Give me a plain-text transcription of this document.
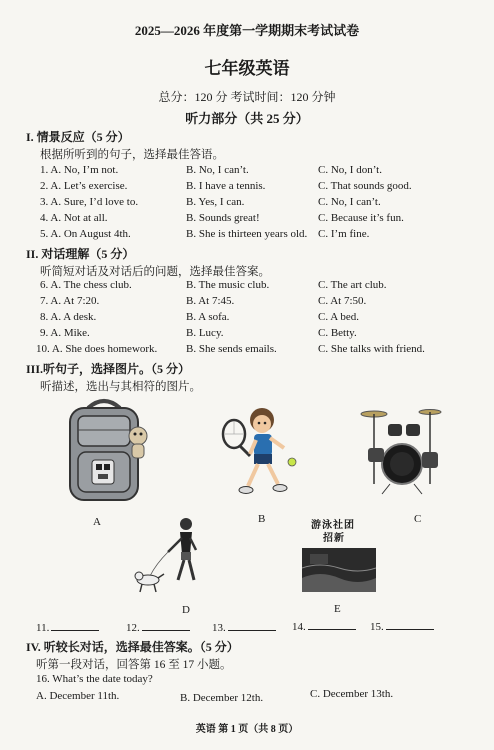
2025—2026 年度第一学期期末考试试卷
七年级英语
总分：120 分 考试时间：120 分钟
听力部分（共 25 分）
I. 情景反应（5 分）
根据所听到的句子，选择最佳答语。
1. A. No, I’m not.	B. No, I can’t.	C. No, I don’t.
2. A. Let’s exercise.	B. I have a tennis.	C. That sounds good.
3. A. Sure, I’d love to.	B. Yes, I can.	C. No, I can’t.
4. A. Not at all.	B. Sounds great!	C. Because it’s fun.
5. A. On August 4th.	B. She is thirteen years old. C. I’m fine.
II. 对话理解（5 分）
听简短对话及对话后的问题，选择最佳答案。
6. A. The chess club.	B. The music club.	C. The art club.
7. A. At 7:20.	B. At 7:45.	C. At 7:50.
8. A. A desk.	B. A sofa.	C. A bed.
9. A. Mike.	B. Lucy.	C. Betty.
10. A. She does homework.	B. She sends emails.	C. She talks with friend.
III.听句子，选择图片。（5 分）
听描述，选出与其相符的图片。
A	B	C
D
游泳社团
招新
E
11.	12.	13.	14.	15.
IV. 听较长对话，选择最佳答案。（5 分）
听第一段对话，回答第 16 至 17 小题。
16. What’s the date today?
A. December 11th.	B. December 12th.	C. December 13th.
英语 第 1 页（共 8 页）
